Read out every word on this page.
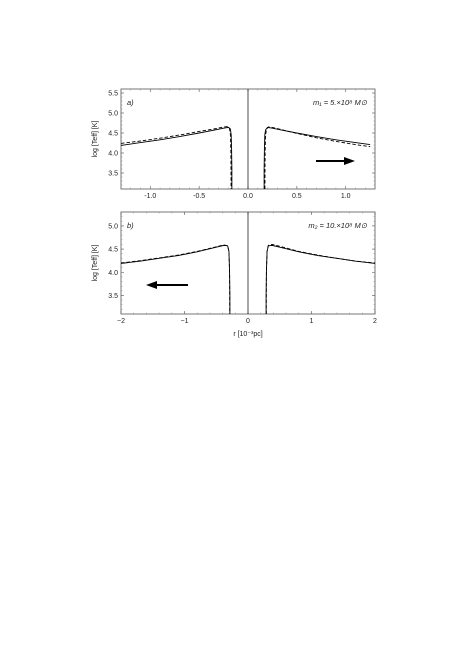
-1.0	-0.5	0.0	0.5	1.0
3.5
4.0
4.5
5.0
5.5
a)	m₁ = 5.×10⁸ M⊙
log [Teff] [K]
−2	−1	0	1	2
3.5
4.0
4.5
5.0 b)	m₂ = 10.×10⁸ M⊙
log [Teff] [K]
r [10⁻³pc]
